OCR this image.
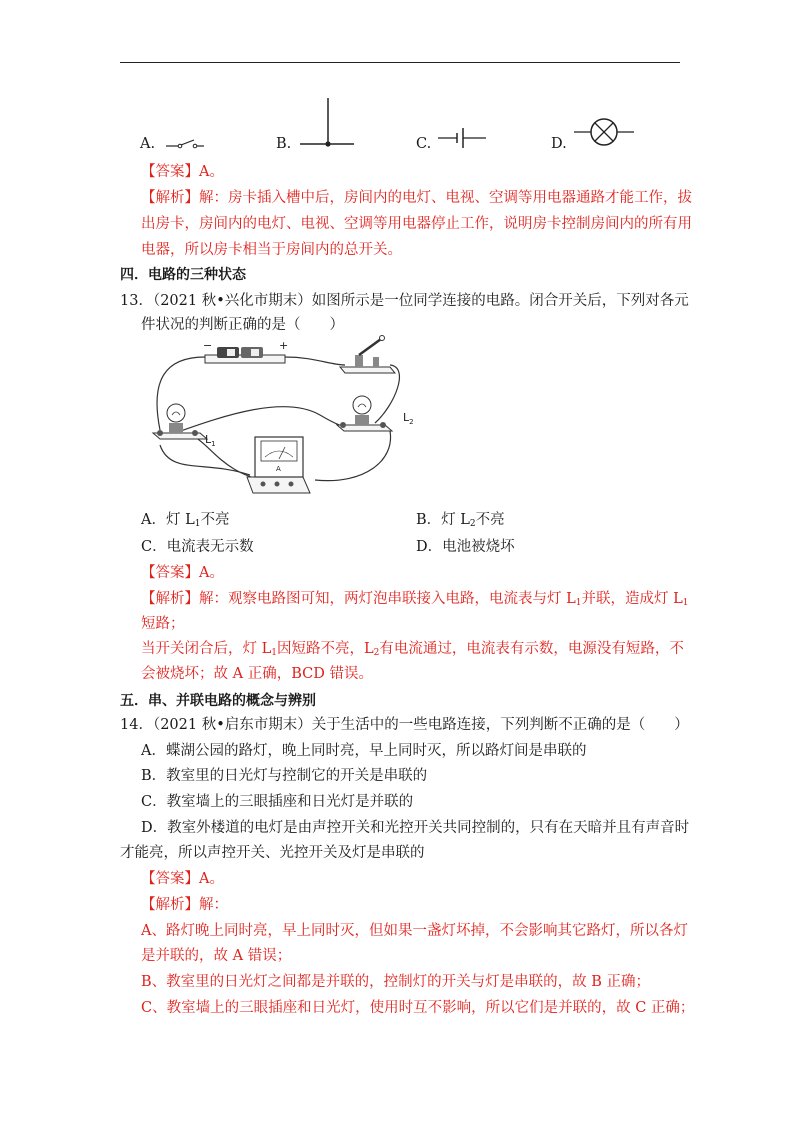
A.	B.	C.	D.
【答案】A。
【解析】解：房卡插入槽中后，房间内的电灯、电视、空调等用电器通路才能工作，拔
出房卡，房间内的电灯、电视、空调等用电器停止工作，说明房卡控制房间内的所有用
电器，所以房卡相当于房间内的总开关。
四．电路的三种状态
13．（2021 秋•兴化市期末）如图所示是一位同学连接的电路。闭合开关后，下列对各元
件状况的判断正确的是（　　）
−	+
$L_1$
$L_2$
A
A．灯 $L_1$不亮	B．灯 $L_2$不亮
C．电流表无示数	D．电池被烧坏
【答案】A。
【解析】解：观察电路图可知，两灯泡串联接入电路，电流表与灯 $L_1$并联，造成灯 $L_1$
短路；
当开关闭合后，灯 $L_1$因短路不亮，$L_2$有电流通过，电流表有示数，电源没有短路，不
会被烧坏；故 A 正确，BCD 错误。
五．串、并联电路的概念与辨别
14．（2021 秋•启东市期末）关于生活中的一些电路连接，下列判断不正确的是（　　）
A．蝶湖公园的路灯，晚上同时亮，早上同时灭，所以路灯间是串联的
B．教室里的日光灯与控制它的开关是串联的
C．教室墙上的三眼插座和日光灯是并联的
D．教室外楼道的电灯是由声控开关和光控开关共同控制的，只有在天暗并且有声音时
才能亮，所以声控开关、光控开关及灯是串联的
【答案】A。
【解析】解：
A、路灯晚上同时亮，早上同时灭，但如果一盏灯坏掉，不会影响其它路灯，所以各灯
是并联的，故 A 错误；
B、教室里的日光灯之间都是并联的，控制灯的开关与灯是串联的，故 B 正确；
C、教室墙上的三眼插座和日光灯，使用时互不影响，所以它们是并联的，故 C 正确；
